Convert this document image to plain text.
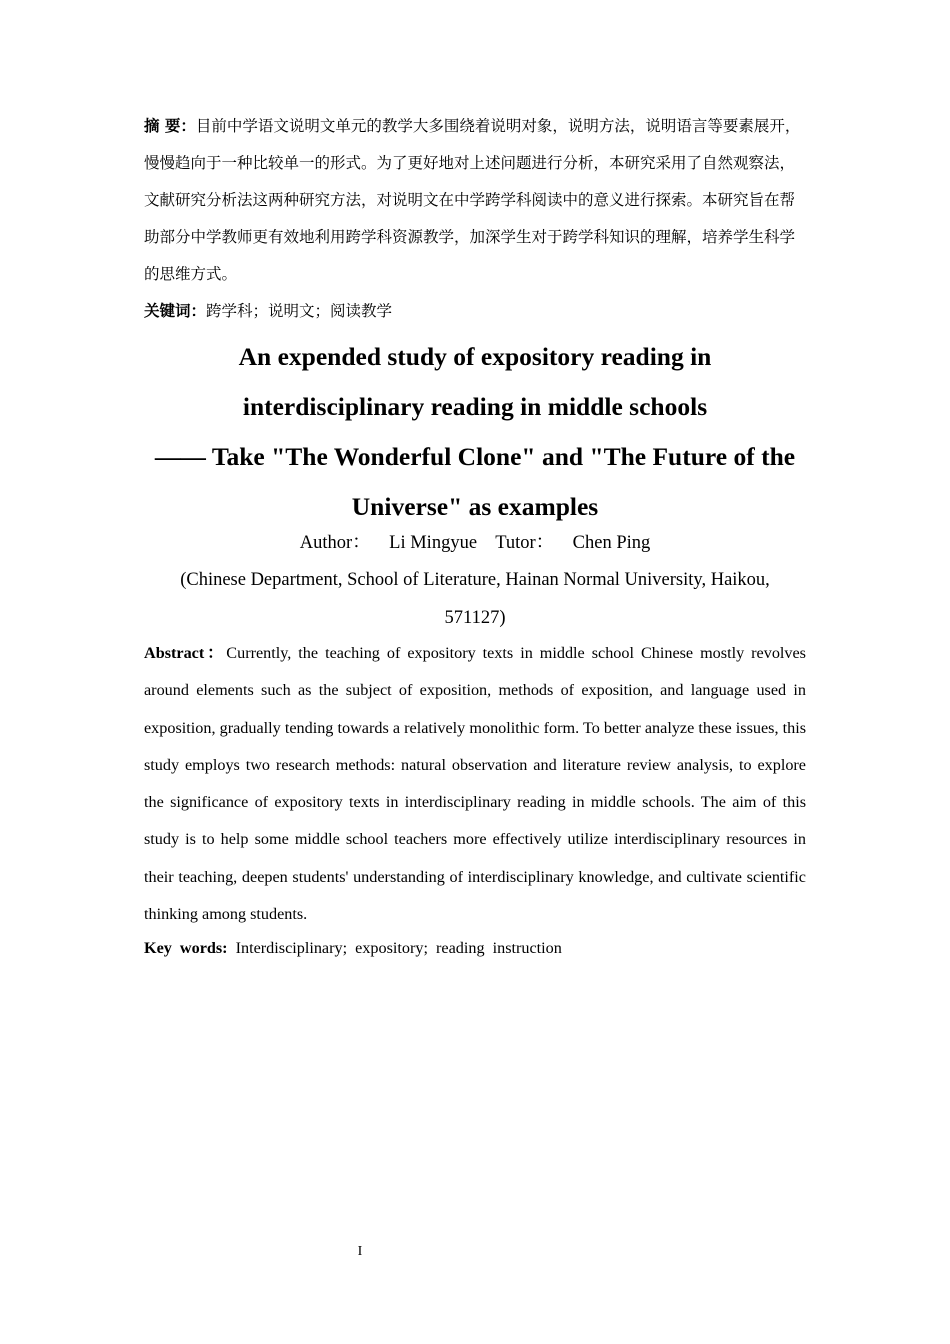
摘 要：目前中学语文说明文单元的教学大多围绕着说明对象，说明方法，说明语言等要素展开，慢慢趋向于一种比较单一的形式。为了更好地对上述问题进行分析，本研究采用了自然观察法，文献研究分析法这两种研究方法，对说明文在中学跨学科阅读中的意义进行探索。本研究旨在帮助部分中学教师更有效地利用跨学科资源教学，加深学生对于跨学科知识的理解，培养学生科学的思维方式。

关键词：跨学科；说明文；阅读教学

An expended study of expository reading in
interdisciplinary reading in middle schools
—— Take "The Wonderful Clone" and "The Future of the
Universe" as examples
Author：    Li Mingyue    Tutor：    Chen Ping
(Chinese Department, School of Literature, Hainan Normal University, Haikou,
571127)

Abstract：Currently, the teaching of expository texts in middle school Chinese mostly revolves around elements such as the subject of exposition, methods of exposition, and language used in exposition, gradually tending towards a relatively monolithic form. To better analyze these issues, this study employs two research methods: natural observation and literature review analysis, to explore the significance of expository texts in interdisciplinary reading in middle schools. The aim of this study is to help some middle school teachers more effectively utilize interdisciplinary resources in their teaching, deepen students' understanding of interdisciplinary knowledge, and cultivate scientific thinking among students.

Key words: Interdisciplinary; expository; reading instruction

I
